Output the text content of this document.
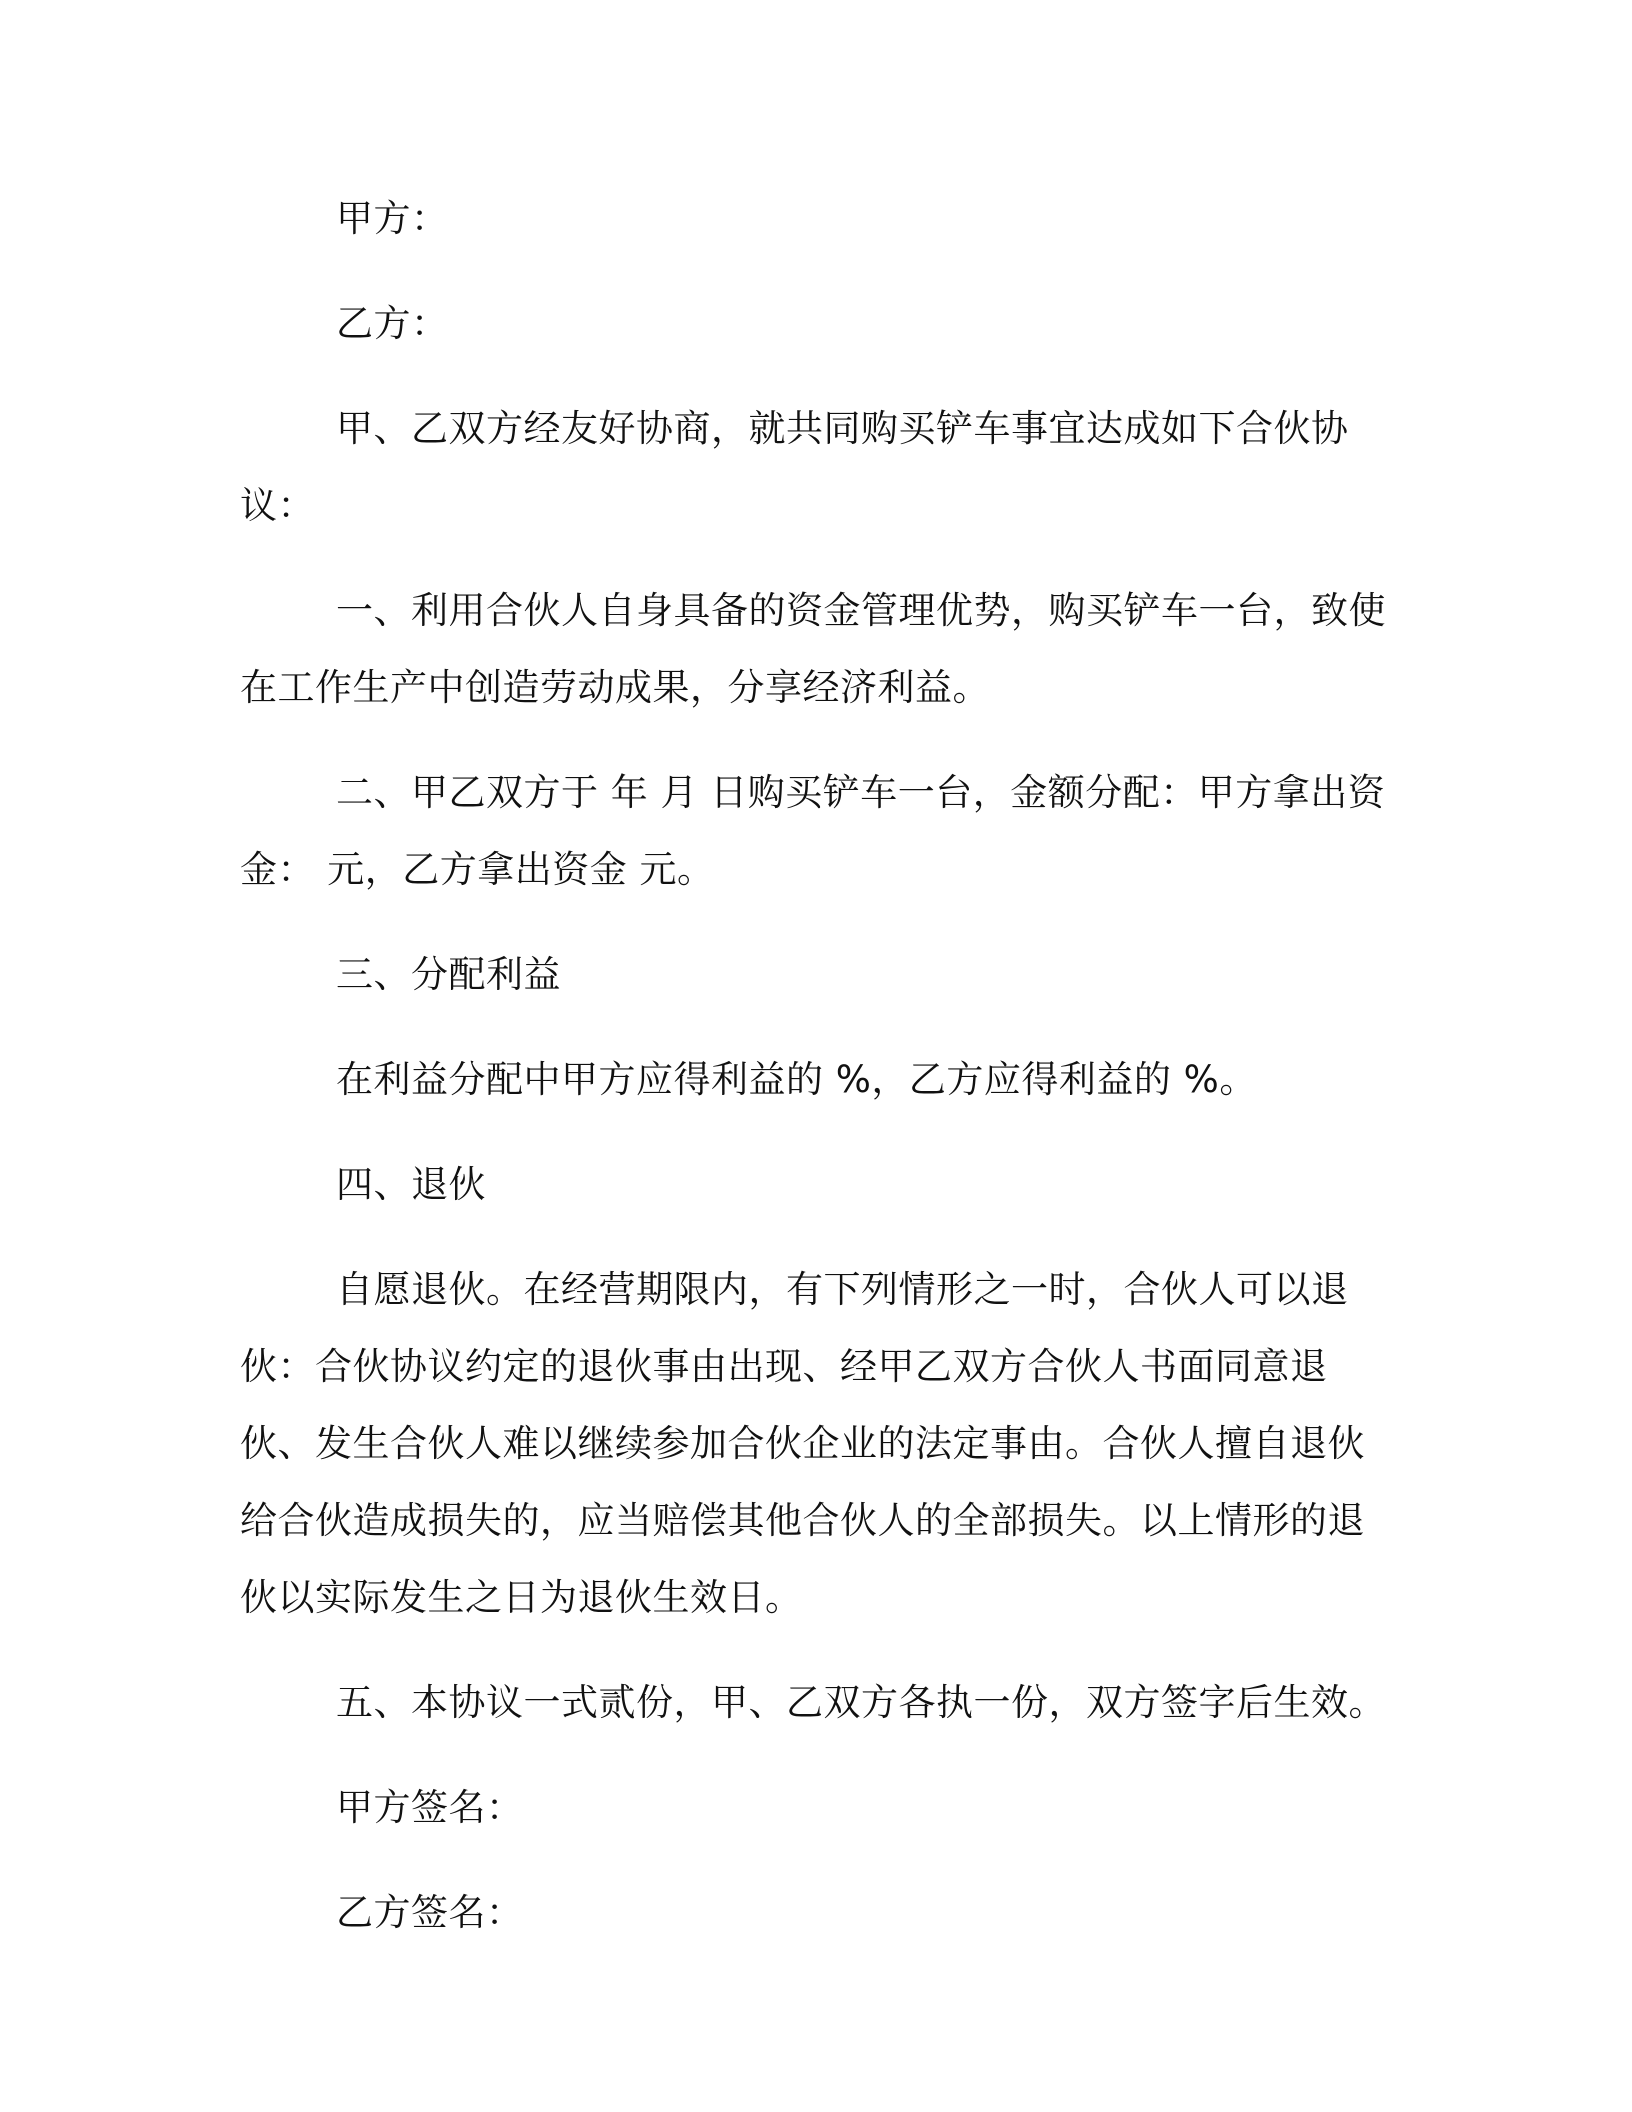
甲方：

乙方：

甲、乙双方经友好协商，就共同购买铲车事宜达成如下合伙协议：

一、利用合伙人自身具备的资金管理优势，购买铲车一台，致使在工作生产中创造劳动成果，分享经济利益。

二、甲乙双方于 年 月 日购买铲车一台，金额分配：甲方拿出资金： 元，乙方拿出资金 元。

三、分配利益

在利益分配中甲方应得利益的 %，乙方应得利益的 %。

四、退伙

自愿退伙。在经营期限内，有下列情形之一时，合伙人可以退伙：合伙协议约定的退伙事由出现、经甲乙双方合伙人书面同意退伙、发生合伙人难以继续参加合伙企业的法定事由。合伙人擅自退伙给合伙造成损失的，应当赔偿其他合伙人的全部损失。以上情形的退伙以实际发生之日为退伙生效日。

五、本协议一式贰份，甲、乙双方各执一份，双方签字后生效。

甲方签名：

乙方签名：
